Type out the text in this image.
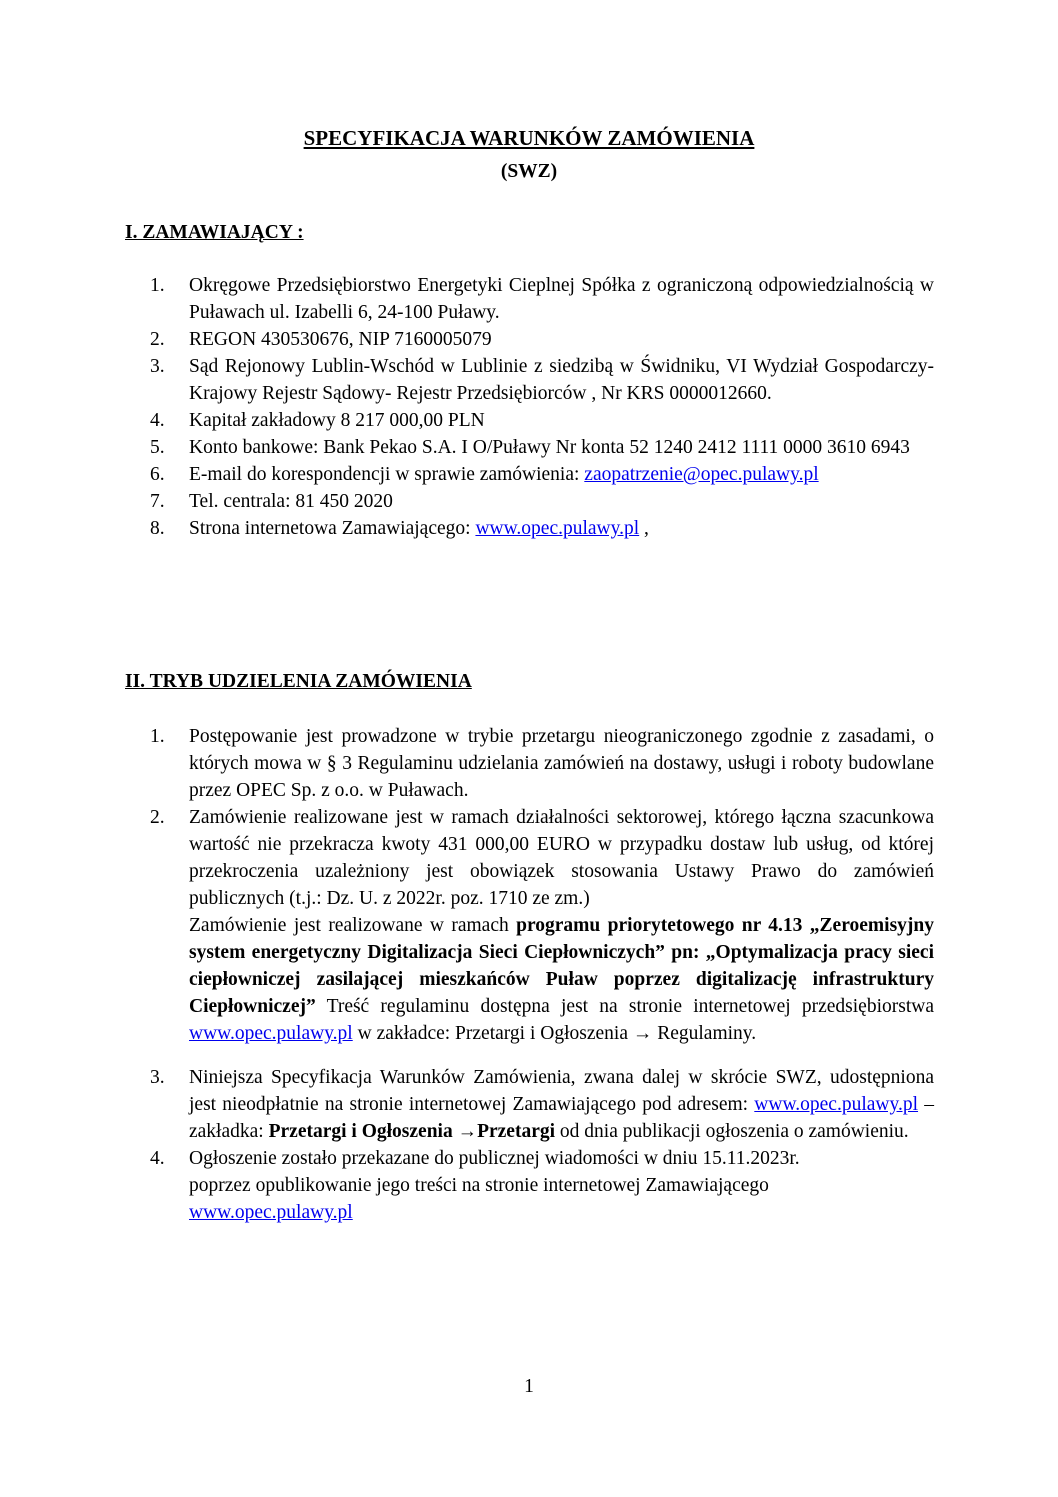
SPECYFIKACJA WARUNKÓW ZAMÓWIENIA
(SWZ)
I. ZAMAWIAJĄCY :
1. Okręgowe Przedsiębiorstwo Energetyki Cieplnej Spółka z ograniczoną odpowiedzialnością w Puławach ul. Izabelli 6, 24-100 Puławy.
2. REGON 430530676, NIP 7160005079
3. Sąd Rejonowy Lublin-Wschód w Lublinie z siedzibą w Świdniku, VI Wydział Gospodarczy- Krajowy Rejestr Sądowy- Rejestr Przedsiębiorców , Nr KRS 0000012660.
4. Kapitał zakładowy 8 217 000,00 PLN
5. Konto bankowe: Bank Pekao S.A. I O/Puławy Nr konta 52 1240 2412 1111 0000 3610 6943
6. E-mail do korespondencji w sprawie zamówienia: zaopatrzenie@opec.pulawy.pl
7. Tel. centrala: 81 450 2020
8. Strona internetowa Zamawiającego: www.opec.pulawy.pl ,
II. TRYB UDZIELENIA ZAMÓWIENIA
1. Postępowanie jest prowadzone w trybie przetargu nieograniczonego zgodnie z zasadami, o których mowa w § 3 Regulaminu udzielania zamówień na dostawy, usługi i roboty budowlane przez OPEC Sp. z o.o. w Puławach.
2. Zamówienie realizowane jest w ramach działalności sektorowej, którego łączna szacunkowa wartość nie przekracza kwoty 431 000,00 EURO w przypadku dostaw lub usług, od której przekroczenia uzależniony jest obowiązek stosowania Ustawy Prawo do zamówień publicznych (t.j.: Dz. U. z 2022r. poz. 1710 ze zm.)
Zamówienie jest realizowane w ramach programu priorytetowego nr 4.13 „Zeroemisyjny system energetyczny Digitalizacja Sieci Ciepłowniczych” pn: „Optymalizacja pracy sieci ciepłowniczej zasilającej mieszkańców Puław poprzez digitalizację infrastruktury Ciepłowniczej” Treść regulaminu dostępna jest na stronie internetowej przedsiębiorstwa www.opec.pulawy.pl w zakładce: Przetargi i Ogłoszenia → Regulaminy.
3. Niniejsza Specyfikacja Warunków Zamówienia, zwana dalej w skrócie SWZ, udostępniona jest nieodpłatnie na stronie internetowej Zamawiającego pod adresem: www.opec.pulawy.pl – zakładka: Przetargi i Ogłoszenia →Przetargi od dnia publikacji ogłoszenia o zamówieniu.
4. Ogłoszenie zostało przekazane do publicznej wiadomości w dniu 15.11.2023r.
poprzez opublikowanie jego treści na stronie internetowej Zamawiającego
www.opec.pulawy.pl
1
